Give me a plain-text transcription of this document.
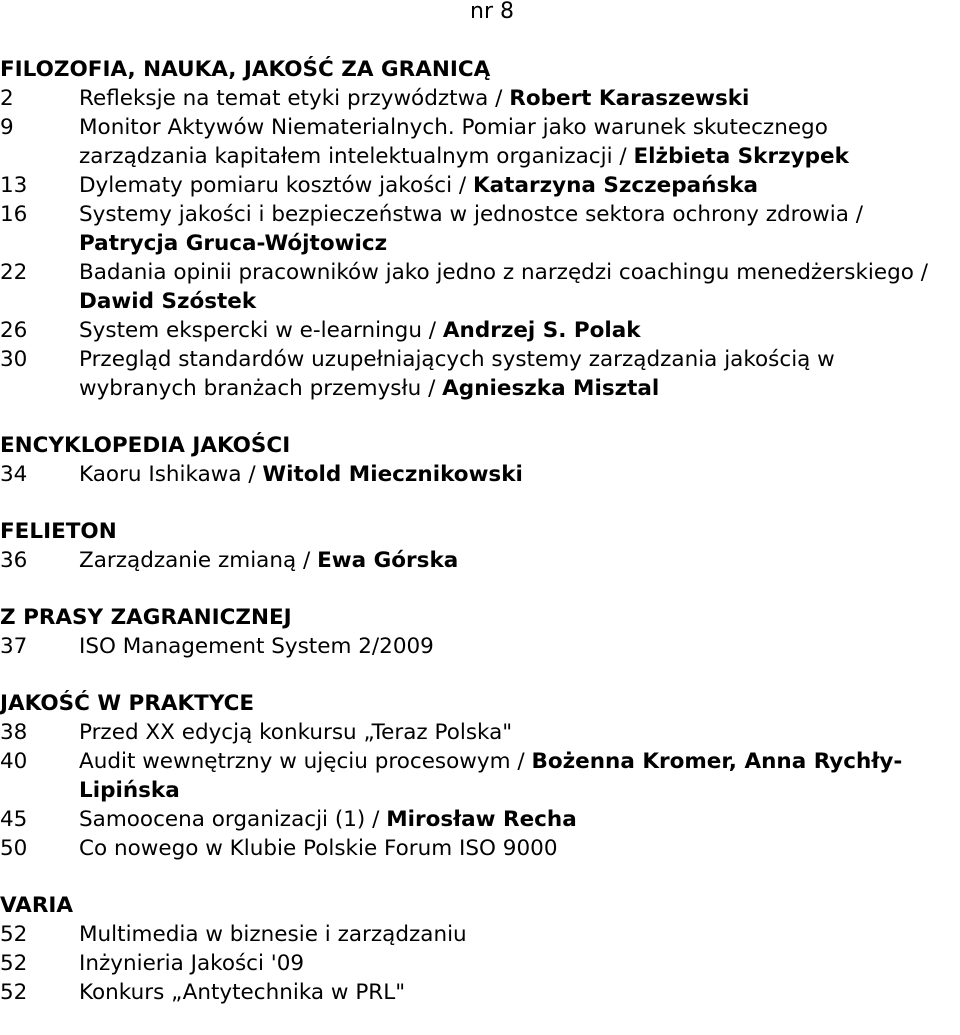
nr 8
FILOZOFIA, NAUKA, JAKOŚĆ ZA GRANICĄ
2	Refleksje na temat etyki przywództwa / Robert Karaszewski
9	Monitor Aktywów Niematerialnych. Pomiar jako warunek skutecznego zarządzania kapitałem intelektualnym organizacji / Elżbieta Skrzypek
13	Dylematy pomiaru kosztów jakości / Katarzyna Szczepańska
16	Systemy jakości i bezpieczeństwa w jednostce sektora ochrony zdrowia / Patrycja Gruca-Wójtowicz
22	Badania opinii pracowników jako jedno z narzędzi coachingu menedżerskiego / Dawid Szóstek
26	System ekspercki w e-learningu / Andrzej S. Polak
30	Przegląd standardów uzupełniających systemy zarządzania jakością w wybranych branżach przemysłu / Agnieszka Misztal
ENCYKLOPEDIA JAKOŚCI
34	Kaoru Ishikawa / Witold Miecznikowski
FELIETON
36	Zarządzanie zmianą / Ewa Górska
Z PRASY ZAGRANICZNEJ
37	ISO Management System 2/2009
JAKOŚĆ W PRAKTYCE
38	Przed XX edycją konkursu „Teraz Polska"
40	Audit wewnętrzny w ujęciu procesowym / Bożenna Kromer, Anna Rychły-Lipińska
45	Samoocena organizacji (1) / Mirosław Recha
50	Co nowego w Klubie Polskie Forum ISO 9000
VARIA
52	Multimedia w biznesie i zarządzaniu
52	Inżynieria Jakości '09
52	Konkurs „Antytechnika w PRL"
